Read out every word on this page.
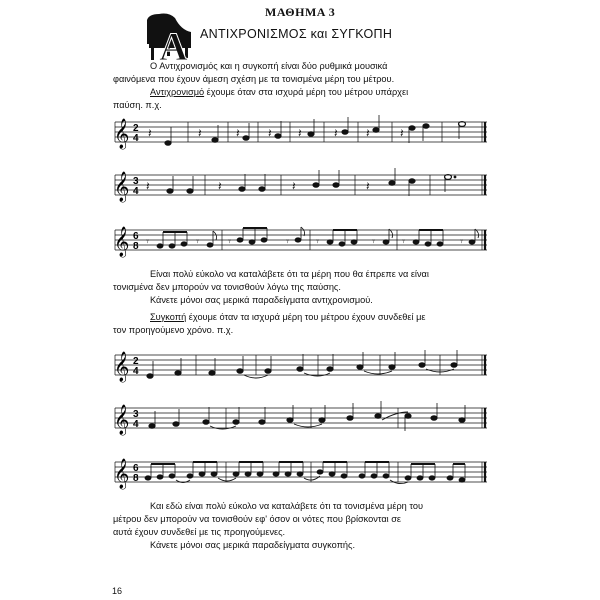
A
ΜΑΘΗΜΑ 3
ΑΝΤΙΧΡΟΝΙΣΜΟΣ και ΣΥΓΚΟΠΗ
Ο Αντιχρονισμός και η συγκοπή είναι δύο ρυθμικά μουσικά
φαινόμενα που έχουν άμεση σχέση με τα τονισμένα μέρη του μέτρου.
Αντιχρονισμό έχουμε όταν στα ισχυρά μέρη του μέτρου υπάρχει
παύση. π.χ.
𝄞 2
4 𝄽	𝄽	𝄽 𝄽 𝄽	𝄽 𝄽	𝄽
𝄞 3
4 𝄽	𝄽	𝄽	𝄽
𝄞 6
8 𝄾	𝄾	𝄾	𝄾 𝄾	𝄾 𝄾	𝄾
Είναι πολύ εύκολο να καταλάβετε ότι τα μέρη που θα έπρεπε να είναι
τονισμένα δεν μπορούν να τονισθούν λόγω της παύσης.
Κάνετε μόνοι σας μερικά παραδείγματα αντιχρονισμού.
Συγκοπή έχουμε όταν τα ισχυρά μέρη του μέτρου έχουν συνδεθεί με
τον προηγούμενο χρόνο. π.χ.
𝄞 2
4
𝄞 3
4
𝄞 6
8
Και εδώ είναι πολύ εύκολο να καταλάβετε ότι τα τονισμένα μέρη του
μέτρου δεν μπορούν να τονισθούν εφ' όσον οι νότες που βρίσκονται σε
αυτά έχουν συνδεθεί με τις προηγούμενες.
Κάνετε μόνοι σας μερικά παραδείγματα συγκοπής.
16
